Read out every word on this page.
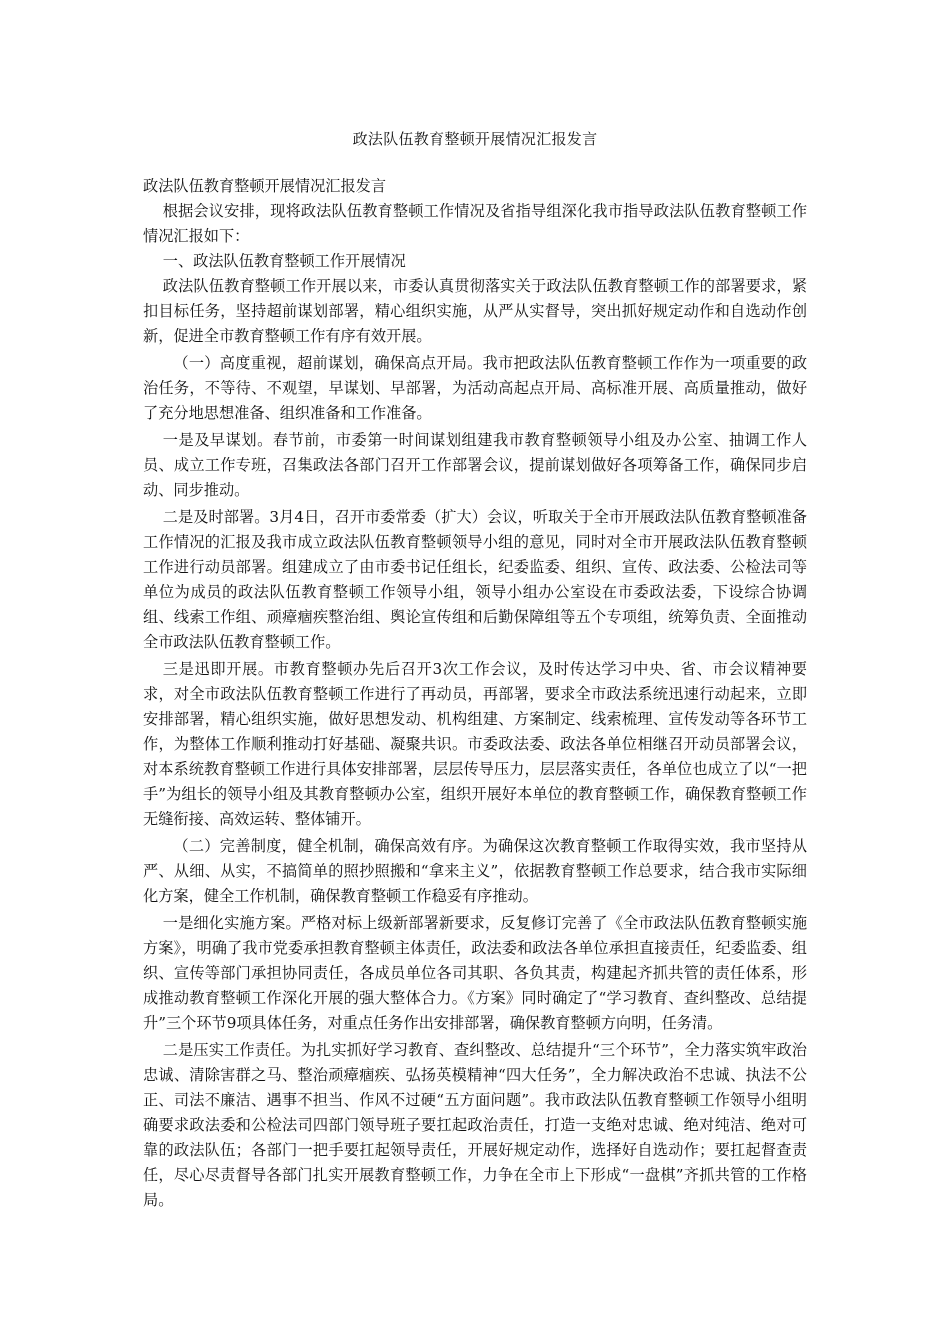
政法队伍教育整顿开展情况汇报发言

政法队伍教育整顿开展情况汇报发言

根据会议安排，现将政法队伍教育整顿工作情况及省指导组深化我市指导政法队伍教育整顿工作情况汇报如下：

一、政法队伍教育整顿工作开展情况

政法队伍教育整顿工作开展以来，市委认真贯彻落实关于政法队伍教育整顿工作的部署要求，紧扣目标任务，坚持超前谋划部署，精心组织实施，从严从实督导，突出抓好规定动作和自选动作创新，促进全市教育整顿工作有序有效开展。

（一）高度重视，超前谋划，确保高点开局。我市把政法队伍教育整顿工作作为一项重要的政治任务，不等待、不观望，早谋划、早部署，为活动高起点开局、高标准开展、高质量推动，做好了充分地思想准备、组织准备和工作准备。

一是及早谋划。春节前，市委第一时间谋划组建我市教育整顿领导小组及办公室、抽调工作人员、成立工作专班，召集政法各部门召开工作部署会议，提前谋划做好各项筹备工作，确保同步启动、同步推动。

二是及时部署。3月4日，召开市委常委（扩大）会议，听取关于全市开展政法队伍教育整顿准备工作情况的汇报及我市成立政法队伍教育整顿领导小组的意见，同时对全市开展政法队伍教育整顿工作进行动员部署。组建成立了由市委书记任组长，纪委监委、组织、宣传、政法委、公检法司等单位为成员的政法队伍教育整顿工作领导小组，领导小组办公室设在市委政法委，下设综合协调组、线索工作组、顽瘴痼疾整治组、舆论宣传组和后勤保障组等五个专项组，统筹负责、全面推动全市政法队伍教育整顿工作。

三是迅即开展。市教育整顿办先后召开3次工作会议，及时传达学习中央、省、市会议精神要求，对全市政法队伍教育整顿工作进行了再动员，再部署，要求全市政法系统迅速行动起来，立即安排部署，精心组织实施，做好思想发动、机构组建、方案制定、线索梳理、宣传发动等各环节工作，为整体工作顺利推动打好基础、凝聚共识。市委政法委、政法各单位相继召开动员部署会议，对本系统教育整顿工作进行具体安排部署，层层传导压力，层层落实责任，各单位也成立了以“一把手”为组长的领导小组及其教育整顿办公室，组织开展好本单位的教育整顿工作，确保教育整顿工作无缝衔接、高效运转、整体铺开。

（二）完善制度，健全机制，确保高效有序。为确保这次教育整顿工作取得实效，我市坚持从严、从细、从实，不搞简单的照抄照搬和“拿来主义”，依据教育整顿工作总要求，结合我市实际细化方案，健全工作机制，确保教育整顿工作稳妥有序推动。

一是细化实施方案。严格对标上级新部署新要求，反复修订完善了《全市政法队伍教育整顿实施方案》，明确了我市党委承担教育整顿主体责任，政法委和政法各单位承担直接责任，纪委监委、组织、宣传等部门承担协同责任，各成员单位各司其职、各负其责，构建起齐抓共管的责任体系，形成推动教育整顿工作深化开展的强大整体合力。《方案》同时确定了“学习教育、查纠整改、总结提升”三个环节9项具体任务，对重点任务作出安排部署，确保教育整顿方向明，任务清。

二是压实工作责任。为扎实抓好学习教育、查纠整改、总结提升“三个环节”，全力落实筑牢政治忠诚、清除害群之马、整治顽瘴痼疾、弘扬英模精神“四大任务”，全力解决政治不忠诚、执法不公正、司法不廉洁、遇事不担当、作风不过硬“五方面问题”。我市政法队伍教育整顿工作领导小组明确要求政法委和公检法司四部门领导班子要扛起政治责任，打造一支绝对忠诚、绝对纯洁、绝对可靠的政法队伍；各部门一把手要扛起领导责任，开展好规定动作，选择好自选动作；要扛起督查责任，尽心尽责督导各部门扎实开展教育整顿工作，力争在全市上下形成“一盘棋”齐抓共管的工作格局。
